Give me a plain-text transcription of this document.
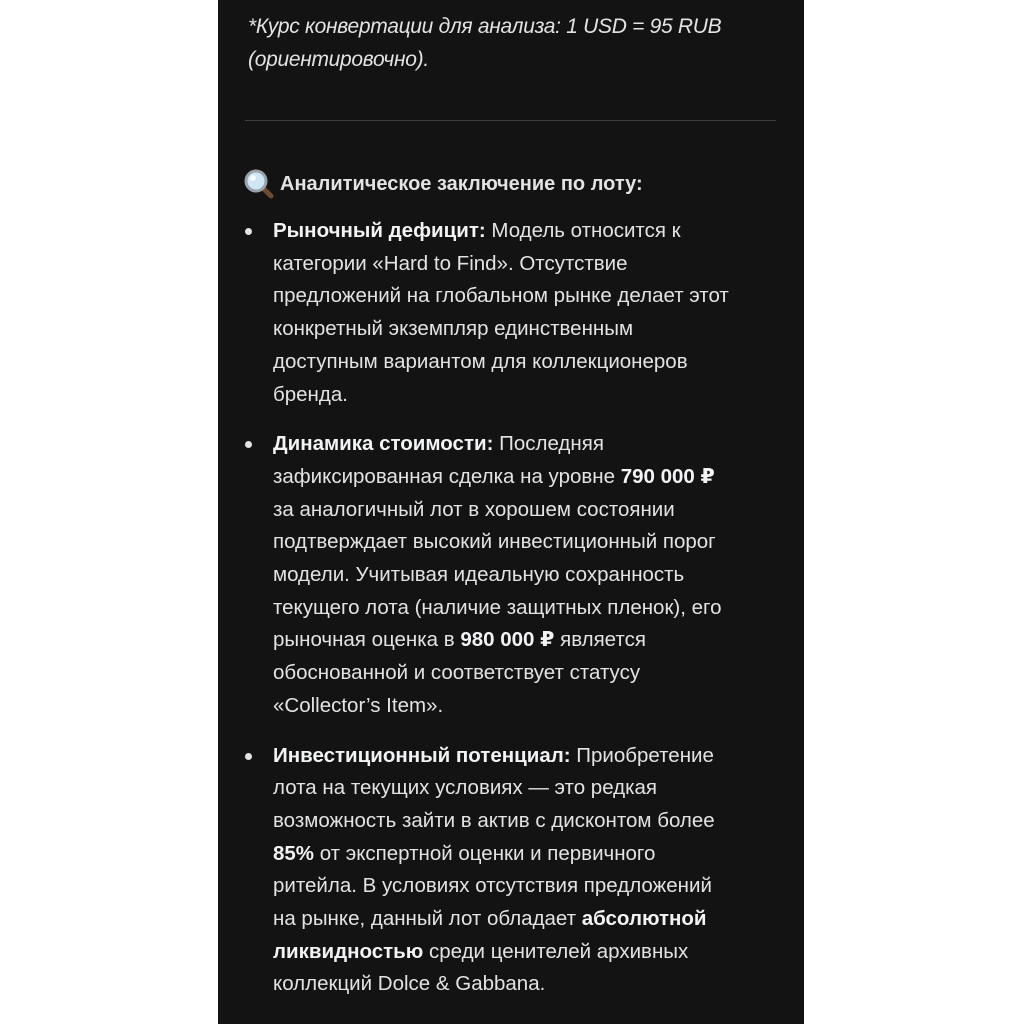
*Курс конвертации для анализа: 1 USD = 95 RUB
(ориентировочно).

Аналитическое заключение по лоту:
Рыночный дефицит: Модель относится к
категории «Hard to Find». Отсутствие
предложений на глобальном рынке делает этот
конкретный экземпляр единственным
доступным вариантом для коллекционеров
бренда.
Динамика стоимости: Последняя
зафиксированная сделка на уровне 790 000 ₽
за аналогичный лот в хорошем состоянии
подтверждает высокий инвестиционный порог
модели. Учитывая идеальную сохранность
текущего лота (наличие защитных пленок), его
рыночная оценка в 980 000 ₽ является
обоснованной и соответствует статусу
«Collector’s Item».
Инвестиционный потенциал: Приобретение
лота на текущих условиях — это редкая
возможность зайти в актив с дисконтом более
85% от экспертной оценки и первичного
ритейла. В условиях отсутствия предложений
на рынке, данный лот обладает абсолютной
ликвидностью среди ценителей архивных
коллекций Dolce & Gabbana.
